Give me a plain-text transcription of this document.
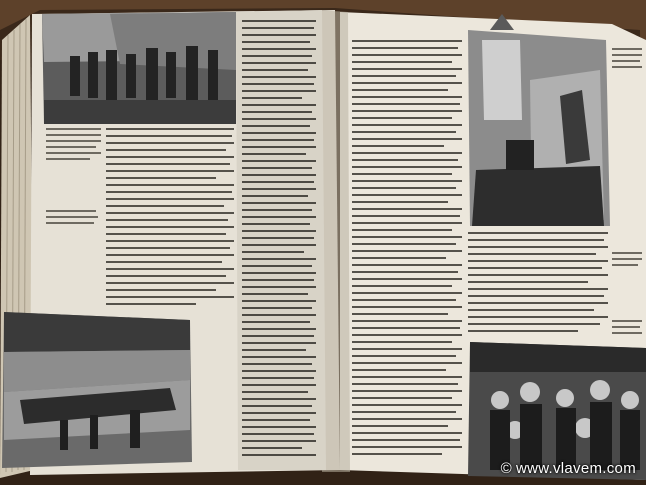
© www.vlavem.com
